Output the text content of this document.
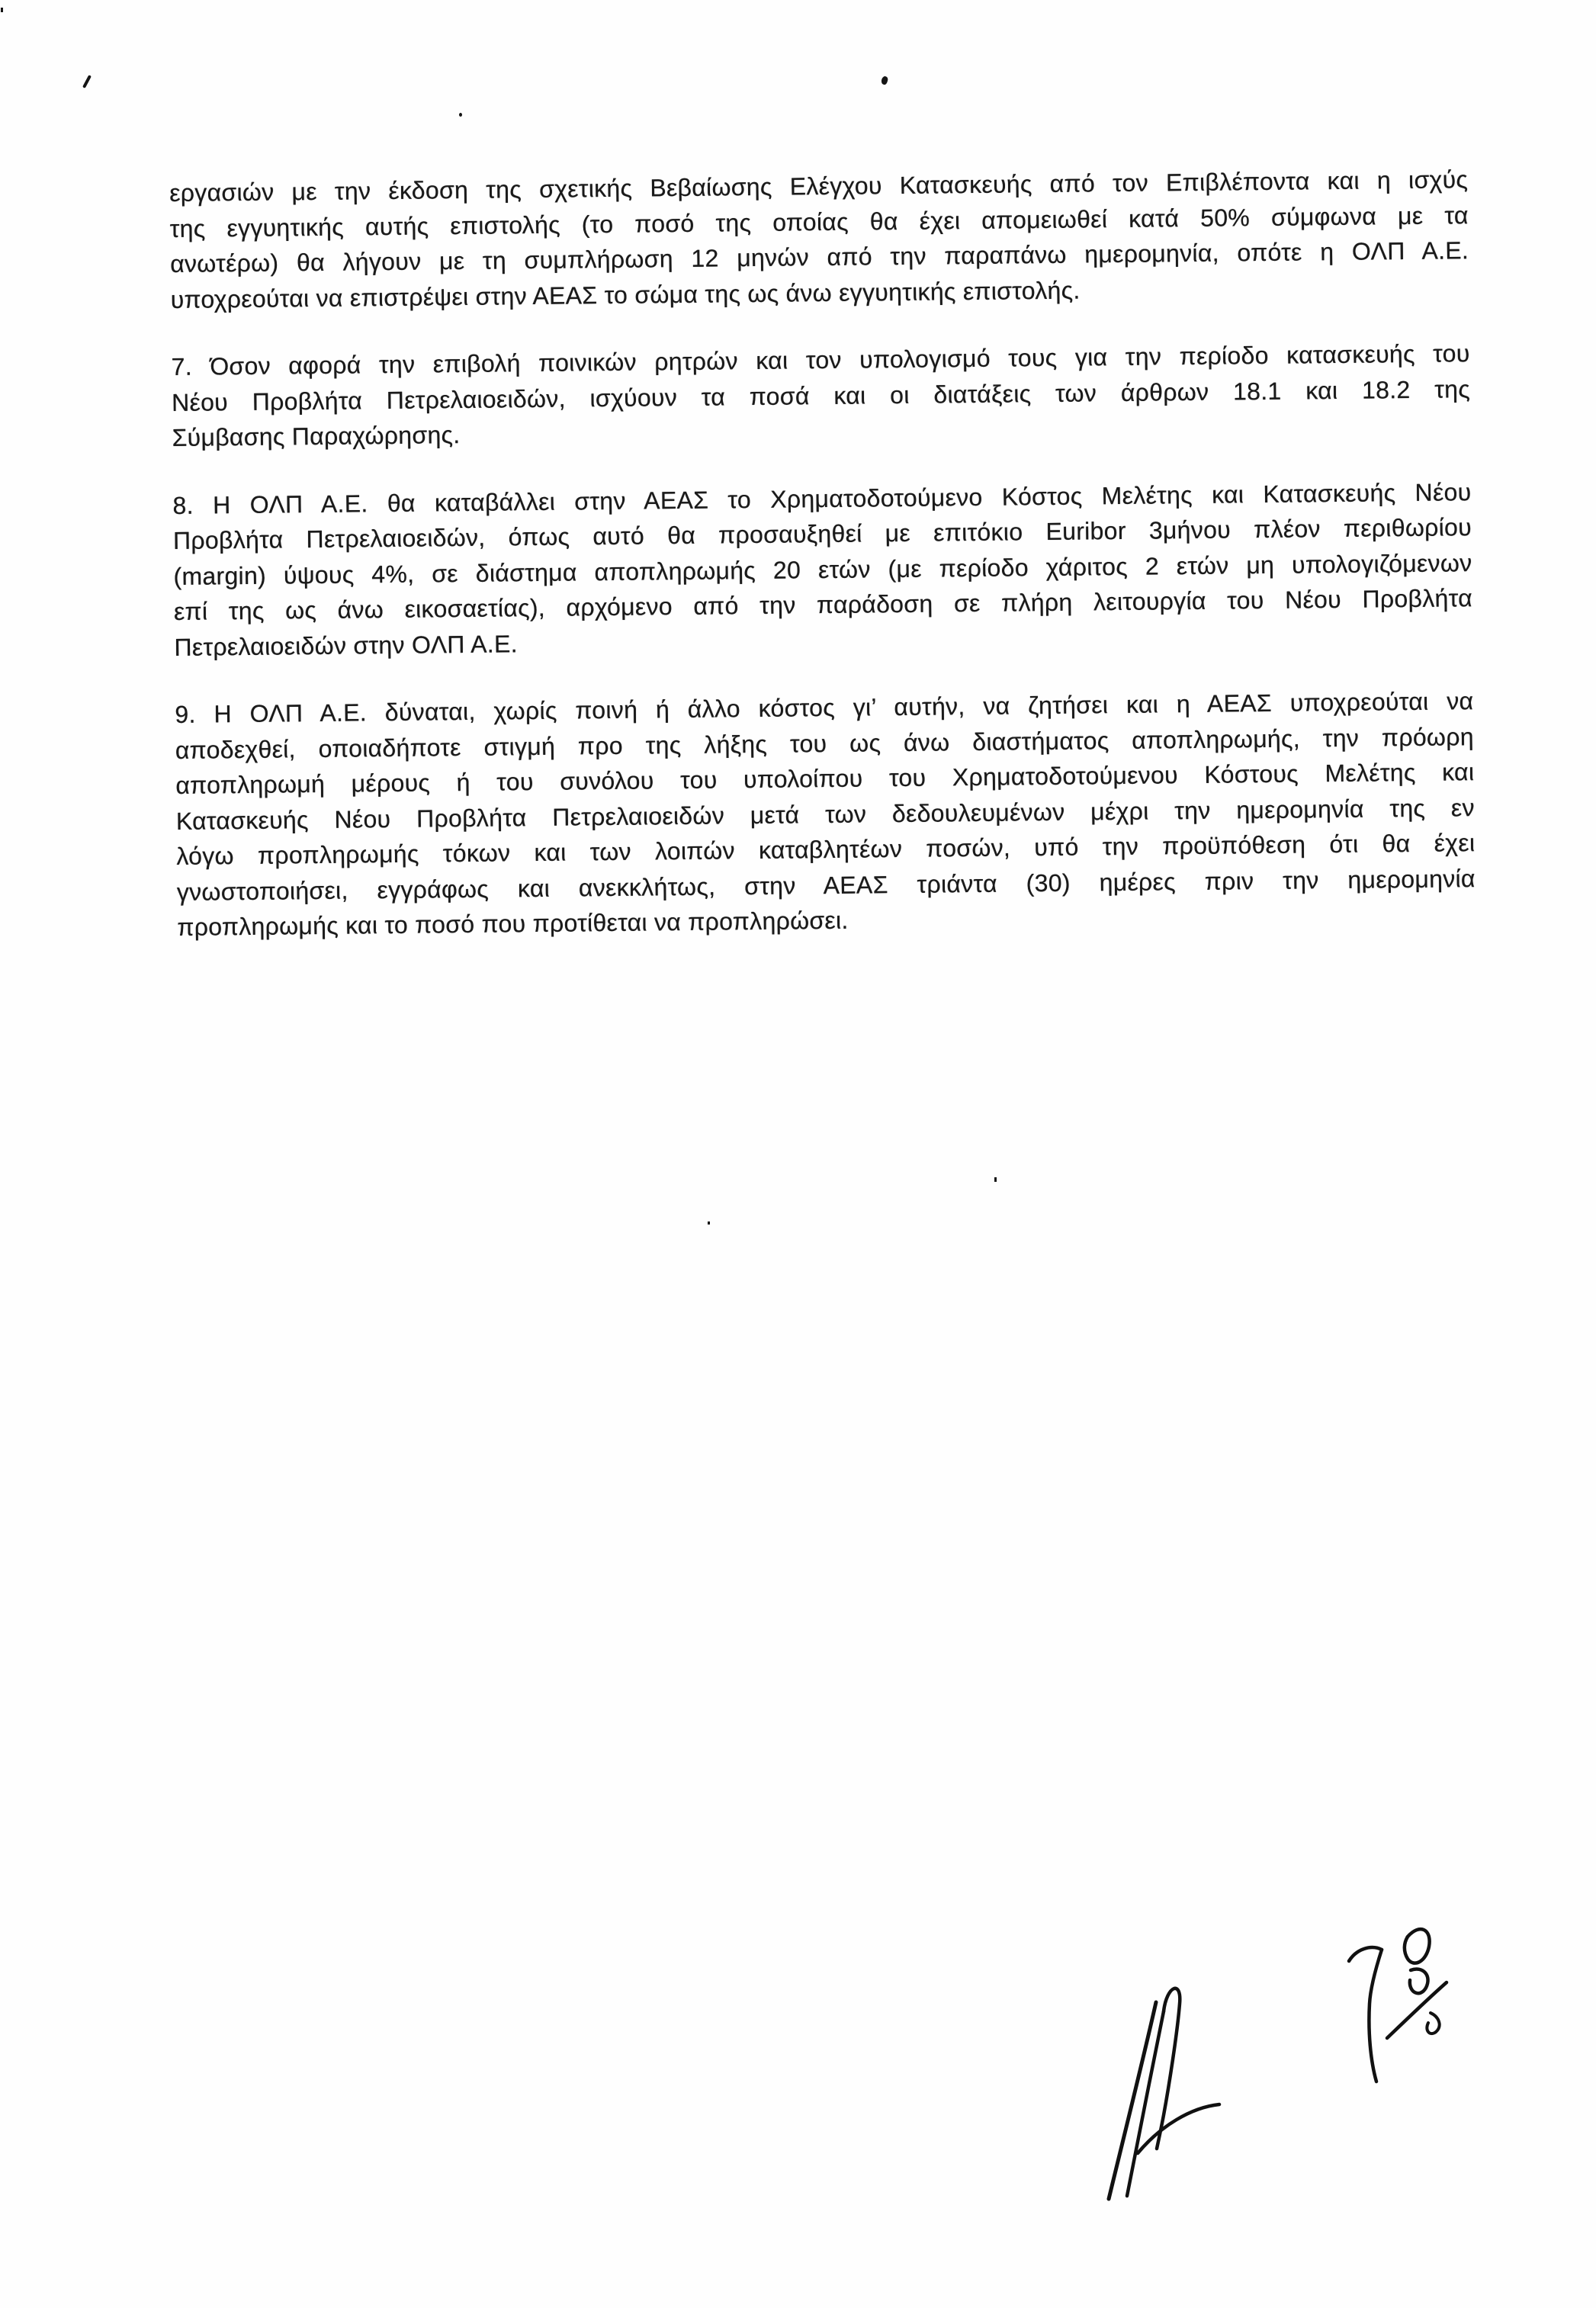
εργασιών με την έκδοση της σχετικής Βεβαίωσης Ελέγχου Κατασκευής από τον Επιβλέποντα και η ισχύς
της εγγυητικής αυτής επιστολής (το ποσό της οποίας θα έχει απομειωθεί κατά 50% σύμφωνα με τα
ανωτέρω) θα λήγουν με τη συμπλήρωση 12 μηνών από την παραπάνω ημερομηνία, οπότε η ΟΛΠ Α.Ε.
υποχρεούται να επιστρέψει στην ΑΕΑΣ το σώμα της ως άνω εγγυητικής επιστολής.
7. Όσον αφορά την επιβολή ποινικών ρητρών και τον υπολογισμό τους για την περίοδο κατασκευής του
Νέου Προβλήτα Πετρελαιοειδών, ισχύουν τα ποσά και οι διατάξεις των άρθρων 18.1 και 18.2 της
Σύμβασης Παραχώρησης.
8. Η ΟΛΠ Α.Ε. θα καταβάλλει στην ΑΕΑΣ το Χρηματοδοτούμενο Κόστος Μελέτης και Κατασκευής Νέου
Προβλήτα Πετρελαιοειδών, όπως αυτό θα προσαυξηθεί με επιτόκιο Euribor 3μήνου πλέον περιθωρίου
(margin) ύψους 4%, σε διάστημα αποπληρωμής 20 ετών (με περίοδο χάριτος 2 ετών μη υπολογιζόμενων
επί της ως άνω εικοσαετίας), αρχόμενο από την παράδοση σε πλήρη λειτουργία του Νέου Προβλήτα
Πετρελαιοειδών στην ΟΛΠ Α.Ε.
9. Η ΟΛΠ Α.Ε. δύναται, χωρίς ποινή ή άλλο κόστος γι’ αυτήν, να ζητήσει και η ΑΕΑΣ υποχρεούται να
αποδεχθεί, οποιαδήποτε στιγμή προ της λήξης του ως άνω διαστήματος αποπληρωμής, την πρόωρη
αποπληρωμή μέρους ή του συνόλου του υπολοίπου του Χρηματοδοτούμενου Κόστους Μελέτης και
Κατασκευής Νέου Προβλήτα Πετρελαιοειδών μετά των δεδουλευμένων μέχρι την ημερομηνία της εν
λόγω προπληρωμής τόκων και των λοιπών καταβλητέων ποσών, υπό την προϋπόθεση ότι θα έχει
γνωστοποιήσει, εγγράφως και ανεκκλήτως, στην ΑΕΑΣ τριάντα (30) ημέρες πριν την ημερομηνία
προπληρωμής και το ποσό που προτίθεται να προπληρώσει.
